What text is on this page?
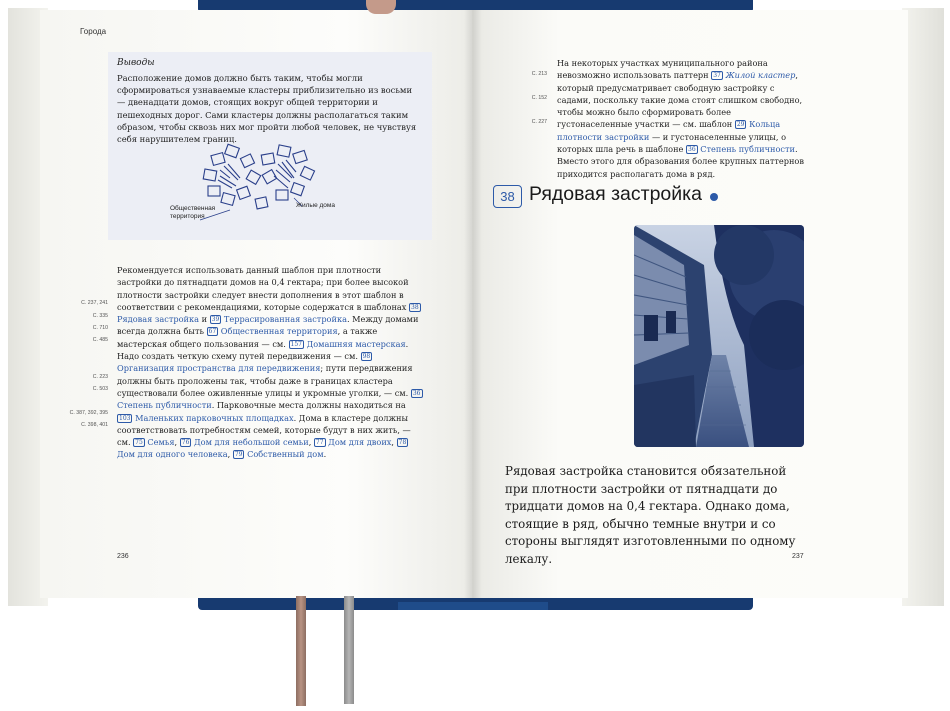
Города
Выводы
Расположение домов должно быть таким, чтобы могли сформироваться узнаваемые кластеры приблизительно из восьми — двенадцати домов, стоящих вокруг общей территории и пешеходных дорог. Сами кластеры должны располагаться таким образом, чтобы сквозь них мог пройти любой человек, не чувствуя себя нарушителем границ.
Общественная территория
Жилые дома
С. 237, 241
С. 335
С. 710
С. 485
С. 223
С. 503
С. 387, 392, 395
С. 398, 401
Рекомендуется использовать данный шаблон при плотности застройки до пятнадцати домов на 0,4 гектара; при более высокой плотности застройки следует внести дополнения в этот шаблон в соответствии с рекомендациями, которые содержатся в шаблонах 38 Рядовая застройка и 39 Террасированная застройка. Между домами всегда должна быть 67 Общественная территория, а также мастерская общего пользования — см. 157 Домашняя мастерская. Надо создать четкую схему путей передвижения — см. 98 Организация пространства для передвижения; пути передвижения должны быть проложены так, чтобы даже в границах кластера существовали более оживленные улицы и укромные уголки, — см. 36 Степень публичности. Парковочные места должны находиться на 103 Маленьких парковочных площадках. Дома в кластере должны соответствовать потребностям семей, которые будут в них жить, — см. 75 Семья, 76 Дом для небольшой семьи, 77 Дом для двоих, 78 Дом для одного человека, 79 Собственный дом.
236
С. 213
С. 152
С. 227
На некоторых участках муниципального района невозможно использовать паттерн 37 Жилой кластер, который предусматривает свободную застройку с садами, поскольку такие дома стоят слишком свободно, чтобы можно было сформировать более густонаселенные участки — см. шаблон 29 Кольца плотности застройки — и густонаселенные улицы, о которых шла речь в шаблоне 36 Степень публичности. Вместо этого для образования более крупных паттернов приходится располагать дома в ряд.
38 Рядовая застройка
Рядовая застройка становится обязательной при плотности застройки от пятнадцати до тридцати домов на 0,4 гектара. Однако дома, стоящие в ряд, обычно темные внутри и со стороны выглядят изготовленными по одному лекалу.	237
